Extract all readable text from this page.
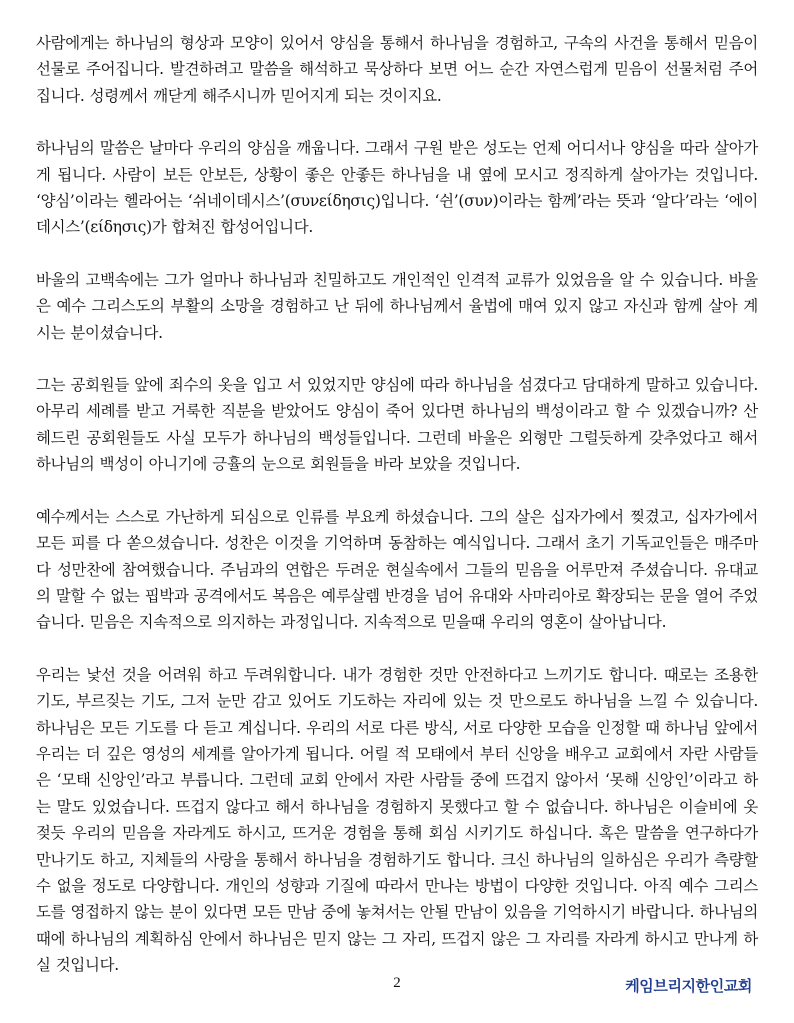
사람에게는 하나님의 형상과 모양이 있어서 양심을 통해서 하나님을 경험하고, 구속의 사건을 통해서 믿음이 선물로 주어집니다. 발견하려고 말씀을 해석하고 묵상하다 보면 어느 순간 자연스럽게 믿음이 선물처럼 주어집니다. 성령께서 깨닫게 해주시니까 믿어지게 되는 것이지요.

하나님의 말씀은 날마다 우리의 양심을 깨웁니다. 그래서 구원 받은 성도는 언제 어디서나 양심을 따라 살아가게 됩니다. 사람이 보든 안보든, 상황이 좋은 안좋든 하나님을 내 옆에 모시고 정직하게 살아가는 것입니다. ‘양심’이라는 헬라어는 ‘쉬네이데시스’(συνείδησις)입니다. ‘쉰’(συν)이라는 함께’라는 뜻과 ‘알다’라는 ‘에이데시스’(είδησις)가 합쳐진 합성어입니다.

바울의 고백속에는 그가 얼마나 하나님과 친밀하고도 개인적인 인격적 교류가 있었음을 알 수 있습니다. 바울은 예수 그리스도의 부활의 소망을 경험하고 난 뒤에 하나님께서 율법에 매여 있지 않고 자신과 함께 살아 계시는 분이셨습니다.

그는 공회원들 앞에 죄수의 옷을 입고 서 있었지만 양심에 따라 하나님을 섬겼다고 담대하게 말하고 있습니다. 아무리 세례를 받고 거룩한 직분을 받았어도 양심이 죽어 있다면 하나님의 백성이라고 할 수 있겠습니까? 산헤드린 공회원들도 사실 모두가 하나님의 백성들입니다. 그런데 바울은 외형만 그럴듯하게 갖추었다고 해서 하나님의 백성이 아니기에 긍휼의 눈으로 회원들을 바라 보았을 것입니다.

예수께서는 스스로 가난하게 되심으로 인류를 부요케 하셨습니다. 그의 살은 십자가에서 찢겼고, 십자가에서 모든 피를 다 쏟으셨습니다. 성찬은 이것을 기억하며 동참하는 예식입니다. 그래서 초기 기독교인들은 매주마다 성만찬에 참여했습니다. 주님과의 연합은 두려운 현실속에서 그들의 믿음을 어루만져 주셨습니다. 유대교의 말할 수 없는 핍박과 공격에서도 복음은 예루살렘 반경을 넘어 유대와 사마리아로 확장되는 문을 열어 주었습니다. 믿음은 지속적으로 의지하는 과정입니다. 지속적으로 믿을때 우리의 영혼이 살아납니다.

우리는 낯선 것을 어려워 하고 두려워합니다. 내가 경험한 것만 안전하다고 느끼기도 합니다. 때로는 조용한 기도, 부르짖는 기도, 그저 눈만 감고 있어도 기도하는 자리에 있는 것 만으로도 하나님을 느낄 수 있습니다. 하나님은 모든 기도를 다 듣고 계십니다. 우리의 서로 다른 방식, 서로 다양한 모습을 인정할 때 하나님 앞에서 우리는 더 깊은 영성의 세계를 알아가게 됩니다. 어릴 적 모태에서 부터 신앙을 배우고 교회에서 자란 사람들은 ‘모태 신앙인’라고 부릅니다. 그런데 교회 안에서 자란 사람들 중에 뜨겁지 않아서 ‘못해 신앙인’이라고 하는 말도 있었습니다. 뜨겁지 않다고 해서 하나님을 경험하지 못했다고 할 수 없습니다. 하나님은 이슬비에 옷 젖듯 우리의 믿음을 자라게도 하시고, 뜨거운 경험을 통해 회심 시키기도 하십니다. 혹은 말씀을 연구하다가 만나기도 하고, 지체들의 사랑을 통해서 하나님을 경험하기도 합니다. 크신 하나님의 일하심은 우리가 측량할 수 없을 정도로 다양합니다. 개인의 성향과 기질에 따라서 만나는 방법이 다양한 것입니다. 아직 예수 그리스도를 영접하지 않는 분이 있다면 모든 만남 중에 놓쳐서는 안될 만남이 있음을 기억하시기 바랍니다. 하나님의 때에 하나님의 계획하심 안에서 하나님은 믿지 않는 그 자리, 뜨겁지 않은 그 자리를 자라게 하시고 만나게 하실 것입니다.

2	케임브리지한인교회
